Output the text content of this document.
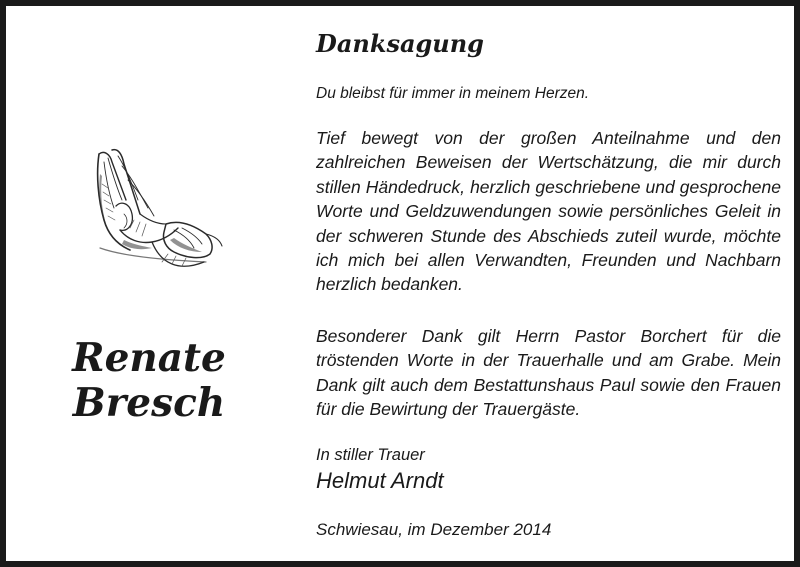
Renate
Bresch
Danksagung
Du bleibst für immer in meinem Herzen.
Tief bewegt von der großen Anteilnahme und den zahlreichen Beweisen der Wertschätzung, die mir durch stillen Händedruck, herzlich geschriebene und gesprochene Worte und Geldzuwendungen sowie persönliches Geleit in der schweren Stunde des Abschieds zuteil wurde, möchte ich mich bei allen Verwandten, Freunden und Nachbarn herzlich bedanken.
Besonderer Dank gilt Herrn Pastor Borchert für die tröstenden Worte in der Trauerhalle und am Grabe. Mein Dank gilt auch dem Bestattunshaus Paul sowie den Frauen für die Bewirtung der Trauergäste.
In stiller Trauer
Helmut Arndt
Schwiesau, im Dezember 2014
